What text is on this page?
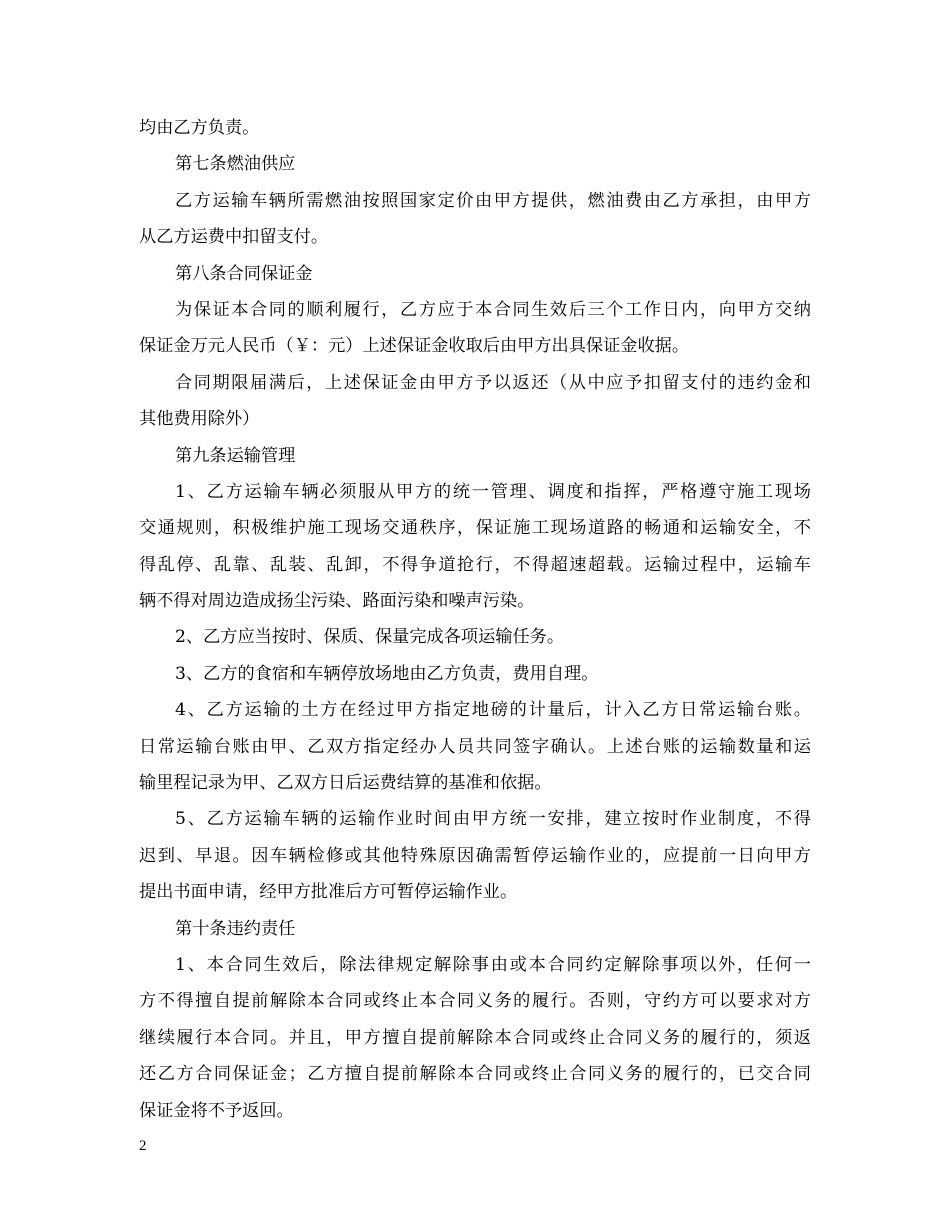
均由乙方负责。
第七条燃油供应
乙方运输车辆所需燃油按照国家定价由甲方提供，燃油费由乙方承担，由甲方
从乙方运费中扣留支付。
第八条合同保证金
为保证本合同的顺利履行，乙方应于本合同生效后三个工作日内，向甲方交纳
保证金万元人民币（￥：元）上述保证金收取后由甲方出具保证金收据。
合同期限届满后，上述保证金由甲方予以返还（从中应予扣留支付的违约金和
其他费用除外）
第九条运输管理
1、乙方运输车辆必须服从甲方的统一管理、调度和指挥，严格遵守施工现场
交通规则，积极维护施工现场交通秩序，保证施工现场道路的畅通和运输安全，不
得乱停、乱靠、乱装、乱卸，不得争道抢行，不得超速超载。运输过程中，运输车
辆不得对周边造成扬尘污染、路面污染和噪声污染。
2、乙方应当按时、保质、保量完成各项运输任务。
3、乙方的食宿和车辆停放场地由乙方负责，费用自理。
4、乙方运输的土方在经过甲方指定地磅的计量后，计入乙方日常运输台账。
日常运输台账由甲、乙双方指定经办人员共同签字确认。上述台账的运输数量和运
输里程记录为甲、乙双方日后运费结算的基准和依据。
5、乙方运输车辆的运输作业时间由甲方统一安排，建立按时作业制度，不得
迟到、早退。因车辆检修或其他特殊原因确需暂停运输作业的，应提前一日向甲方
提出书面申请，经甲方批准后方可暂停运输作业。
第十条违约责任
1、本合同生效后，除法律规定解除事由或本合同约定解除事项以外，任何一
方不得擅自提前解除本合同或终止本合同义务的履行。否则，守约方可以要求对方
继续履行本合同。并且，甲方擅自提前解除本合同或终止合同义务的履行的，须返
还乙方合同保证金；乙方擅自提前解除本合同或终止合同义务的履行的，已交合同
保证金将不予返回。
2
